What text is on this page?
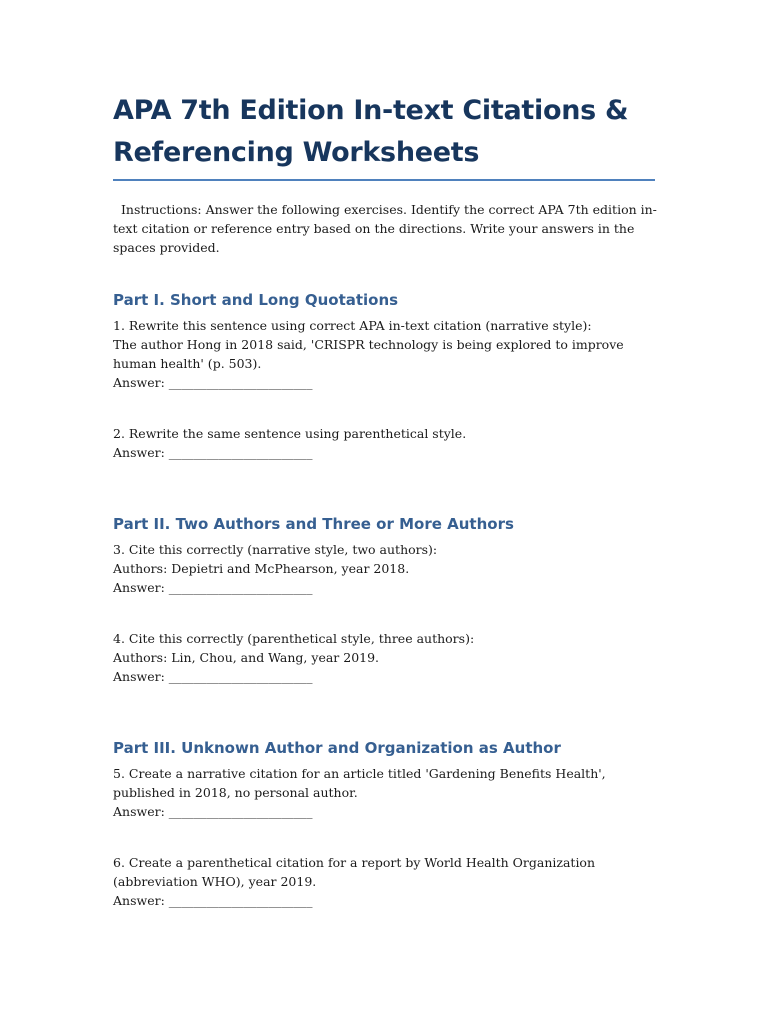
APA 7th Edition In-text Citations &
Referencing Worksheets

Instructions: Answer the following exercises. Identify the correct APA 7th edition in-text citation or reference entry based on the directions. Write your answers in the spaces provided.

Part I. Short and Long Quotations

1. Rewrite this sentence using correct APA in-text citation (narrative style):

The author Hong in 2018 said, 'CRISPR technology is being explored to improve human health' (p. 503).

Answer: _______________________

2. Rewrite the same sentence using parenthetical style.

Answer: _______________________

Part II. Two Authors and Three or More Authors

3. Cite this correctly (narrative style, two authors):

Authors: Depietri and McPhearson, year 2018.

Answer: _______________________

4. Cite this correctly (parenthetical style, three authors):

Authors: Lin, Chou, and Wang, year 2019.

Answer: _______________________

Part III. Unknown Author and Organization as Author

5. Create a narrative citation for an article titled 'Gardening Benefits Health', published in 2018, no personal author.

Answer: _______________________

6. Create a parenthetical citation for a report by World Health Organization (abbreviation WHO), year 2019.

Answer: _______________________
